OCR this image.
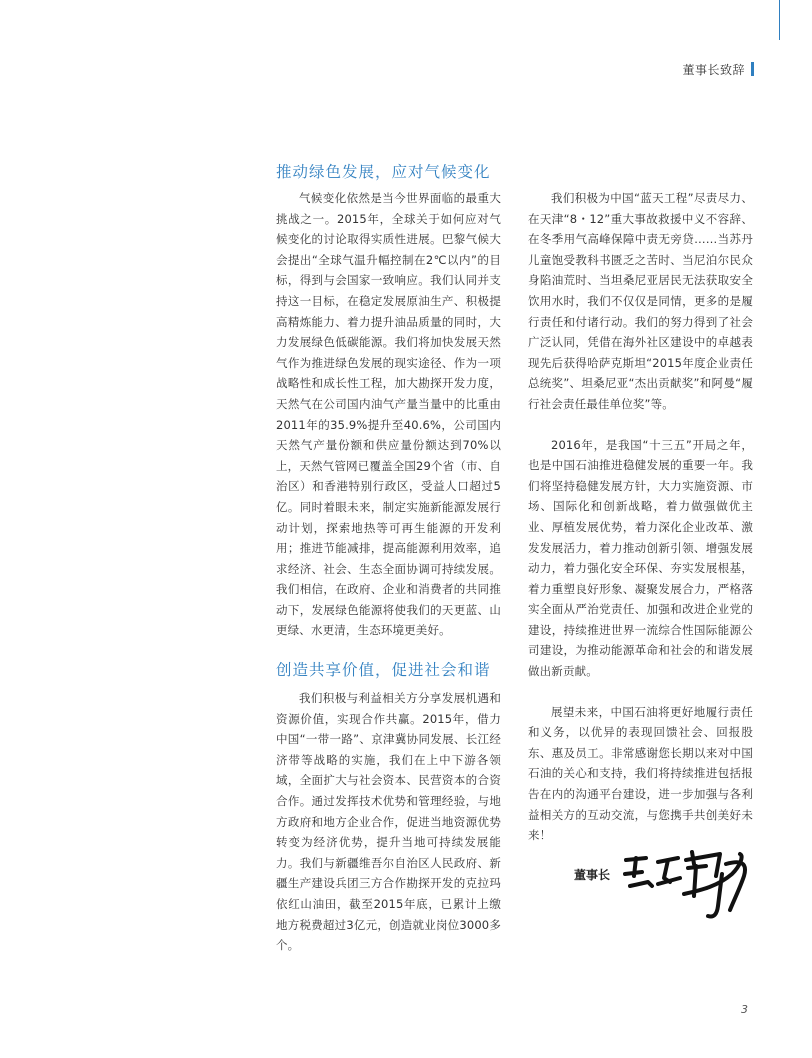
董事长致辞
推动绿色发展，应对气候变化

气候变化依然是当今世界面临的最重大挑战之一。2015年，全球关于如何应对气候变化的讨论取得实质性进展。巴黎气候大会提出“全球气温升幅控制在2℃以内”的目标，得到与会国家一致响应。我们认同并支持这一目标，在稳定发展原油生产、积极提高精炼能力、着力提升油品质量的同时，大力发展绿色低碳能源。我们将加快发展天然气作为推进绿色发展的现实途径、作为一项战略性和成长性工程，加大勘探开发力度，天然气在公司国内油气产量当量中的比重由2011年的35.9%提升至40.6%，公司国内天然气产量份额和供应量份额达到70%以上，天然气管网已覆盖全国29个省（市、自治区）和香港特别行政区，受益人口超过5亿。同时着眼未来，制定实施新能源发展行动计划，探索地热等可再生能源的开发利用；推进节能减排，提高能源利用效率，追求经济、社会、生态全面协调可持续发展。我们相信，在政府、企业和消费者的共同推动下，发展绿色能源将使我们的天更蓝、山更绿、水更清，生态环境更美好。

创造共享价值，促进社会和谐

我们积极与利益相关方分享发展机遇和资源价值，实现合作共赢。2015年，借力中国“一带一路”、京津冀协同发展、长江经济带等战略的实施，我们在上中下游各领域，全面扩大与社会资本、民营资本的合资合作。通过发挥技术优势和管理经验，与地方政府和地方企业合作，促进当地资源优势转变为经济优势，提升当地可持续发展能力。我们与新疆维吾尔自治区人民政府、新疆生产建设兵团三方合作勘探开发的克拉玛依红山油田，截至2015年底，已累计上缴地方税费超过3亿元，创造就业岗位3000多个。

我们积极为中国“蓝天工程”尽责尽力、在天津“8・12”重大事故救援中义不容辞、在冬季用气高峰保障中责无旁贷……当苏丹儿童饱受教科书匮乏之苦时、当尼泊尔民众身陷油荒时、当坦桑尼亚居民无法获取安全饮用水时，我们不仅仅是同情，更多的是履行责任和付诸行动。我们的努力得到了社会广泛认同，凭借在海外社区建设中的卓越表现先后获得哈萨克斯坦“2015年度企业责任总统奖”、坦桑尼亚“杰出贡献奖”和阿曼“履行社会责任最佳单位奖”等。

2016年，是我国“十三五”开局之年，也是中国石油推进稳健发展的重要一年。我们将坚持稳健发展方针，大力实施资源、市场、国际化和创新战略，着力做强做优主业、厚植发展优势，着力深化企业改革、激发发展活力，着力推动创新引领、增强发展动力，着力强化安全环保、夯实发展根基，着力重塑良好形象、凝聚发展合力，严格落实全面从严治党责任、加强和改进企业党的建设，持续推进世界一流综合性国际能源公司建设，为推动能源革命和社会的和谐发展做出新贡献。

展望未来，中国石油将更好地履行责任和义务，以优异的表现回馈社会、回报股东、惠及员工。非常感谢您长期以来对中国石油的关心和支持，我们将持续推进包括报告在内的沟通平台建设，进一步加强与各利益相关方的互动交流，与您携手共创美好未来！

董事长
3
